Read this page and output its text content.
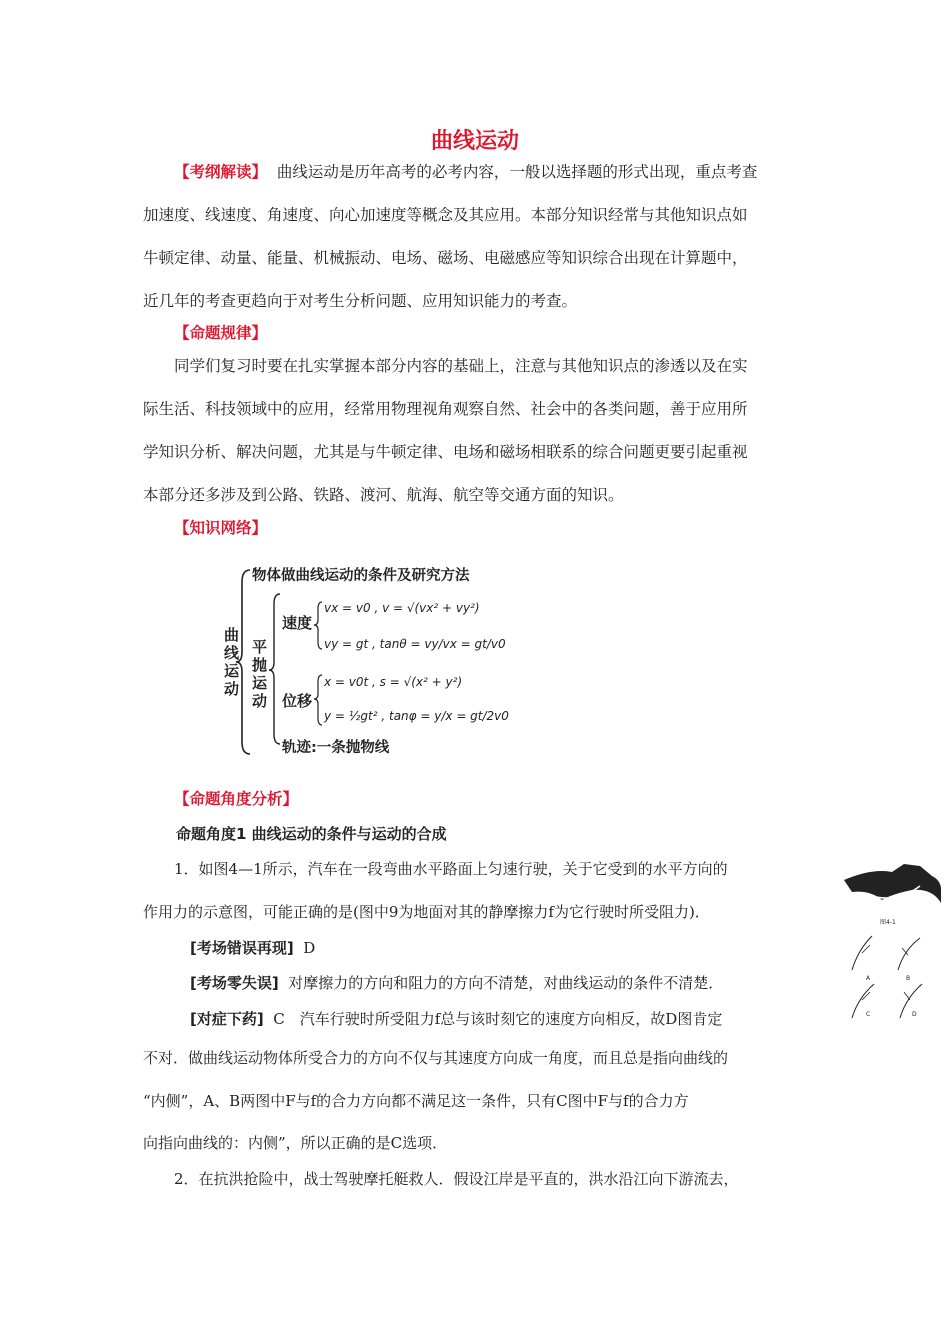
曲线运动
【考纲解读】 曲线运动是历年高考的必考内容，一般以选择题的形式出现，重点考查
加速度、线速度、角速度、向心加速度等概念及其应用。本部分知识经常与其他知识点如
牛顿定律、动量、能量、机械振动、电场、磁场、电磁感应等知识综合出现在计算题中，
近几年的考查更趋向于对考生分析问题、应用知识能力的考查。
【命题规律】
同学们复习时要在扎实掌握本部分内容的基础上，注意与其他知识点的渗透以及在实
际生活、科技领域中的应用，经常用物理视角观察自然、社会中的各类问题，善于应用所
学知识分析、解决问题，尤其是与牛顿定律、电场和磁场相联系的综合问题更要引起重视
本部分还多涉及到公路、铁路、渡河、航海、航空等交通方面的知识。
【知识网络】
曲
线
运
动
物体做曲线运动的条件及研究方法
平
抛
运
动
速度
vx = v0 , v = √(vx² + vy²)
vy = gt , tanθ = vy/vx = gt/v0
位移
x = v0t , s = √(x² + y²)
y = ½gt² , tanφ = y/x = gt/2v0
轨迹:一条抛物线
【命题角度分析】
命题角度1 曲线运动的条件与运动的合成
1．如图4—1所示，汽车在一段弯曲水平路面上匀速行驶，关于它受到的水平方向的
作用力的示意图，可能正确的是(图中9为地面对其的静摩擦力f为它行驶时所受阻力)．
[考场错误再现] D
[考场零失误] 对摩擦力的方向和阻力的方向不清楚，对曲线运动的条件不清楚．
[对症下药] C　汽车行驶时所受阻力f总与该时刻它的速度方向相反，故D图肯定
不对．做曲线运动物体所受合力的方向不仅与其速度方向成一角度，而且总是指向曲线的
“内侧”，A、B两图中F与f的合力方向都不满足这一条件，只有C图中F与f的合力方
向指向曲线的：内侧”，所以正确的是C选项．
2．在抗洪抢险中，战士驾驶摩托艇救人．假设江岸是平直的，洪水沿江向下游流去，
图4-1
A	B
C	D
